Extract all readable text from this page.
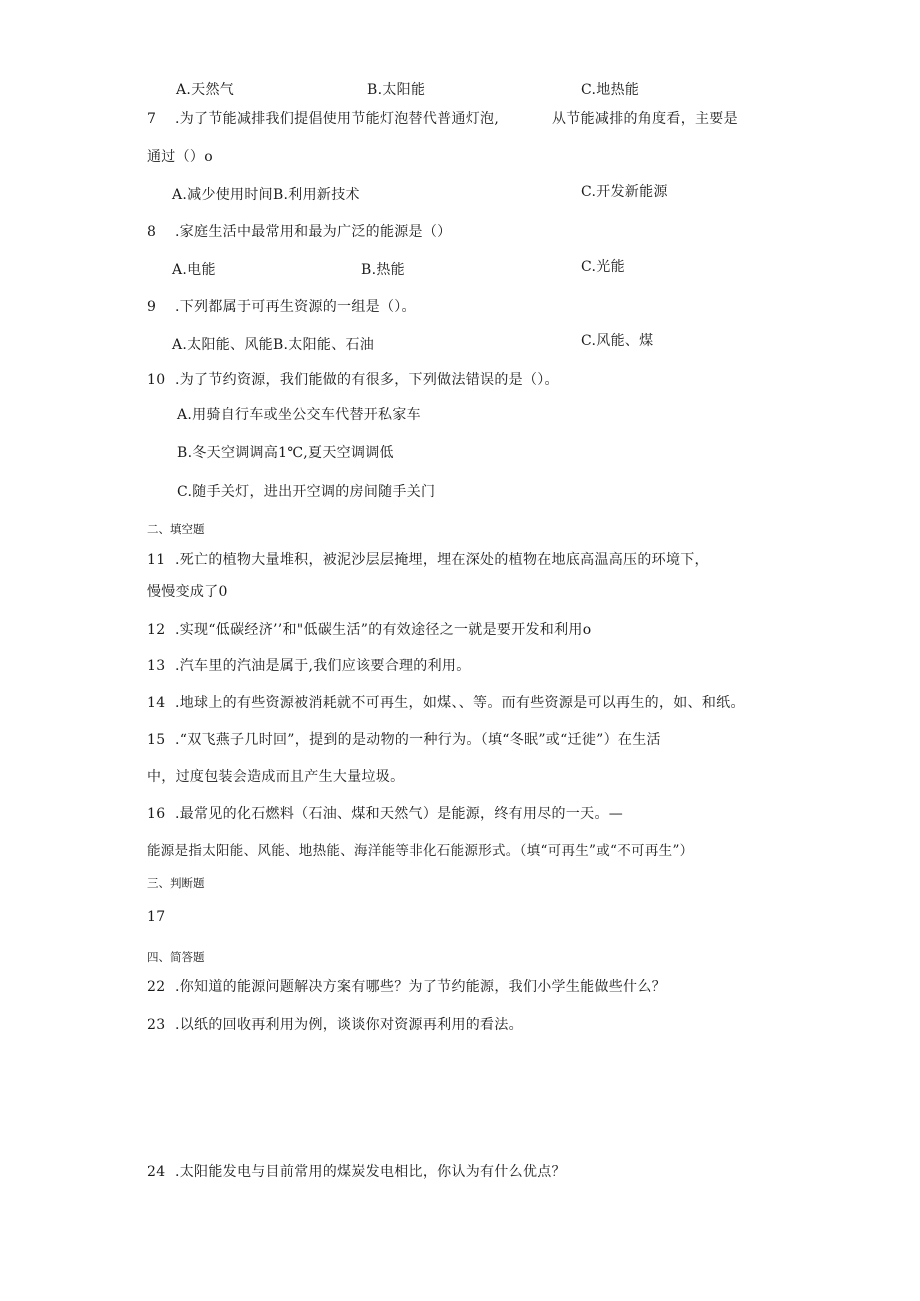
A.天然气	B.太阳能	C.地热能
7 .为了节能减排我们提倡使用节能灯泡替代普通灯泡,	从节能减排的角度看，主要是
通过（）o
A.减少使用时间B.利用新技术	C.开发新能源
8 .家庭生活中最常用和最为广泛的能源是（）
A.电能	B.热能	C.光能
9 .下列都属于可再生资源的一组是（）。
A.太阳能、风能B.太阳能、石油	C.风能、煤
10 .为了节约资源，我们能做的有很多，下列做法错误的是（）。
A.用骑自行车或坐公交车代替开私家车
B.冬天空调调高1℃,夏天空调调低
C.随手关灯，进出开空调的房间随手关门
二、填空题
11 .死亡的植物大量堆积，被泥沙层层掩埋，埋在深处的植物在地底高温高压的环境下，
慢慢变成了0
12 .实现“低碳经济’’和"低碳生活”的有效途径之一就是要开发和利用o
13 .汽车里的汽油是属于,我们应该要合理的利用。
14 .地球上的有些资源被消耗就不可再生，如煤、、等。而有些资源是可以再生的，如、和纸。
15 .“双飞燕子几时回”，提到的是动物的一种行为。（填“冬眠”或“迁徙”）在生活
中，过度包装会造成而且产生大量垃圾。
16 .最常见的化石燃料（石油、煤和天然气）是能源，终有用尽的一天。—
能源是指太阳能、风能、地热能、海洋能等非化石能源形式。（填“可再生”或“不可再生”）
三、判断题
17
四、简答题
22 .你知道的能源问题解决方案有哪些？为了节约能源，我们小学生能做些什么？
23 .以纸的回收再利用为例，谈谈你对资源再利用的看法。
24 .太阳能发电与目前常用的煤炭发电相比，你认为有什么优点？
